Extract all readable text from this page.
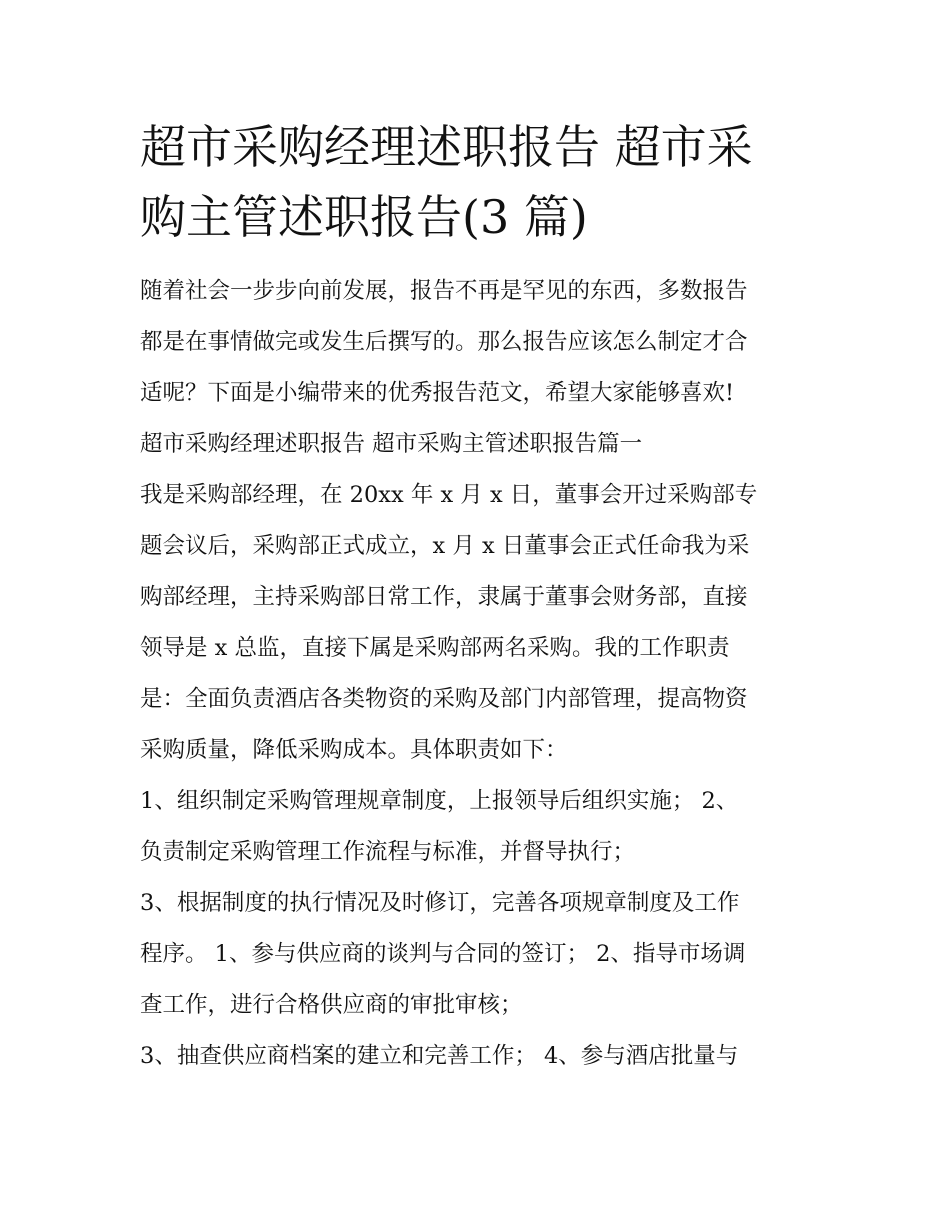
超市采购经理述职报告 超市采
购主管述职报告(3 篇)

随着社会一步步向前发展，报告不再是罕见的东西，多数报告

都是在事情做完或发生后撰写的。那么报告应该怎么制定才合

适呢？下面是小编带来的优秀报告范文，希望大家能够喜欢!

超市采购经理述职报告 超市采购主管述职报告篇一

我是采购部经理，在 20xx 年 x 月 x 日，董事会开过采购部专

题会议后，采购部正式成立，x 月 x 日董事会正式任命我为采

购部经理，主持采购部日常工作，隶属于董事会财务部，直接

领导是 x 总监，直接下属是采购部两名采购。我的工作职责

是：全面负责酒店各类物资的采购及部门内部管理，提高物资

采购质量，降低采购成本。具体职责如下：

1、组织制定采购管理规章制度，上报领导后组织实施； 2、

负责制定采购管理工作流程与标准，并督导执行；

3、根据制度的执行情况及时修订，完善各项规章制度及工作

程序。 1、参与供应商的谈判与合同的签订； 2、指导市场调

查工作，进行合格供应商的审批审核；

3、抽查供应商档案的建立和完善工作； 4、参与酒店批量与
